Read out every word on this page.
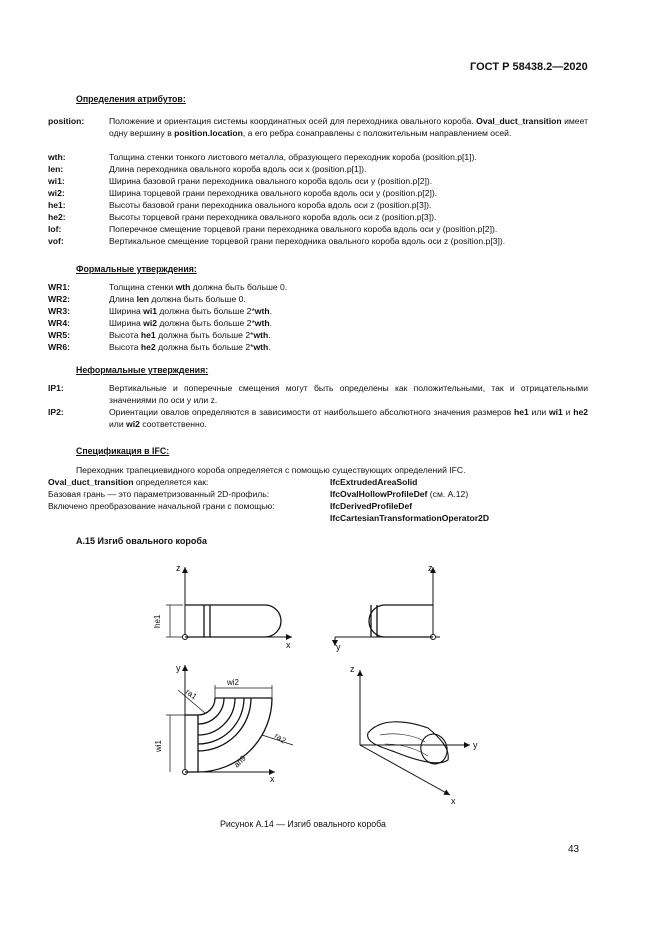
ГОСТ Р 58438.2—2020
Определения атрибутов:
position:	Положение и ориентация системы координатных осей для переходника овального короба. Oval_duct_transition имеет одну вершину в position.location, а его ребра сонаправлены с положительным направлением осей.
wth:	Толщина стенки тонкого листового металла, образующего переходник короба (position.p[1]).
len:	Длина переходника овального короба вдоль оси x (position.p[1]).
wi1:	Ширина базовой грани переходника овального короба вдоль оси y (position.p[2]).
wi2:	Ширина торцевой грани переходника овального короба вдоль оси y (position.p[2]).
he1:	Высоты базовой грани переходника овального короба вдоль оси z (position.p[3]).
he2:	Высоты торцевой грани переходника овального короба вдоль оси z (position.p[3]).
lof:	Поперечное смещение торцевой грани переходника овального короба вдоль оси y (position.p[2]).
vof:	Вертикальное смещение торцевой грани переходника овального короба вдоль оси z (position.p[3]).
Формальные утверждения:
WR1:	Толщина стенки wth должна быть больше 0.
WR2:	Длина len должна быть больше 0.
WR3:	Ширина wi1 должна быть больше 2*wth.
WR4:	Ширина wi2 должна быть больше 2*wth.
WR5:	Высота he1 должна быть больше 2*wth.
WR6:	Высота he2 должна быть больше 2*wth.
Неформальные утверждения:
IP1:	Вертикальные и поперечные смещения могут быть определены как положительными, так и отрицательными значениями по оси y или z.
IP2:	Ориентации овалов определяются в зависимости от наибольшего абсолютного значения размеров he1 или wi1 и he2 или wi2 соответственно.
Спецификация в IFC:
Переходник трапециевидного короба определяется с помощью существующих определений IFC.
Oval_duct_transition определяется как:	IfcExtrudedAreaSolid
Базовая грань — это параметризованный 2D-профиль:	IfcOvalHollowProfileDef (см. А.12)
Включено преобразование начальной грани с помощью:	IfcDerivedProfileDef
IfcCartesianTransformationOperator2D
А.15 Изгиб овального короба
z
x
he1
z
y
y
x
wi2
wi1
ra1
ra2
an9
z
y
x
Рисунок А.14 — Изгиб овального короба
43
